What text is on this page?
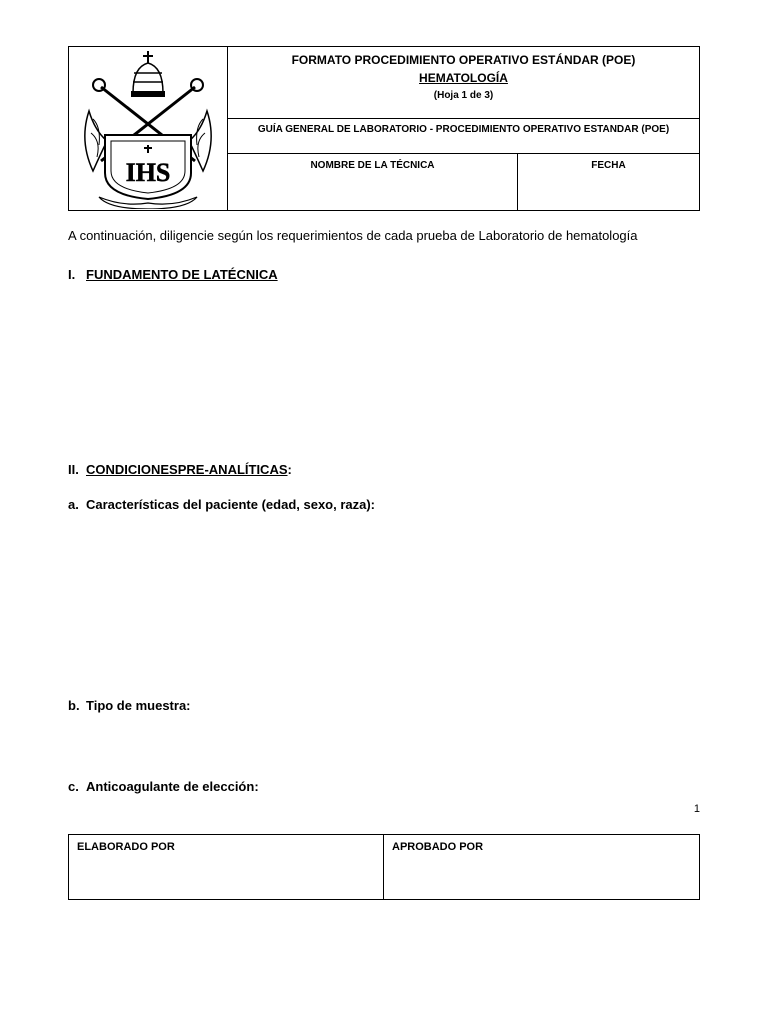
IHS
FORMATO PROCEDIMIENTO OPERATIVO ESTÁNDAR (POE)
HEMATOLOGÍA
(Hoja 1 de 3)
GUÍA GENERAL DE LABORATORIO - PROCEDIMIENTO OPERATIVO ESTANDAR (POE)
NOMBRE DE LA TÉCNICA	FECHA
A continuación, diligencie según los requerimientos de cada prueba de Laboratorio de hematología
I. FUNDAMENTO DE LATÉCNICA
II. CONDICIONESPRE-ANALÍTICAS:
a. Características del paciente (edad, sexo, raza):
b. Tipo de muestra:
c. Anticoagulante de elección:
1
ELABORADO POR	APROBADO POR
